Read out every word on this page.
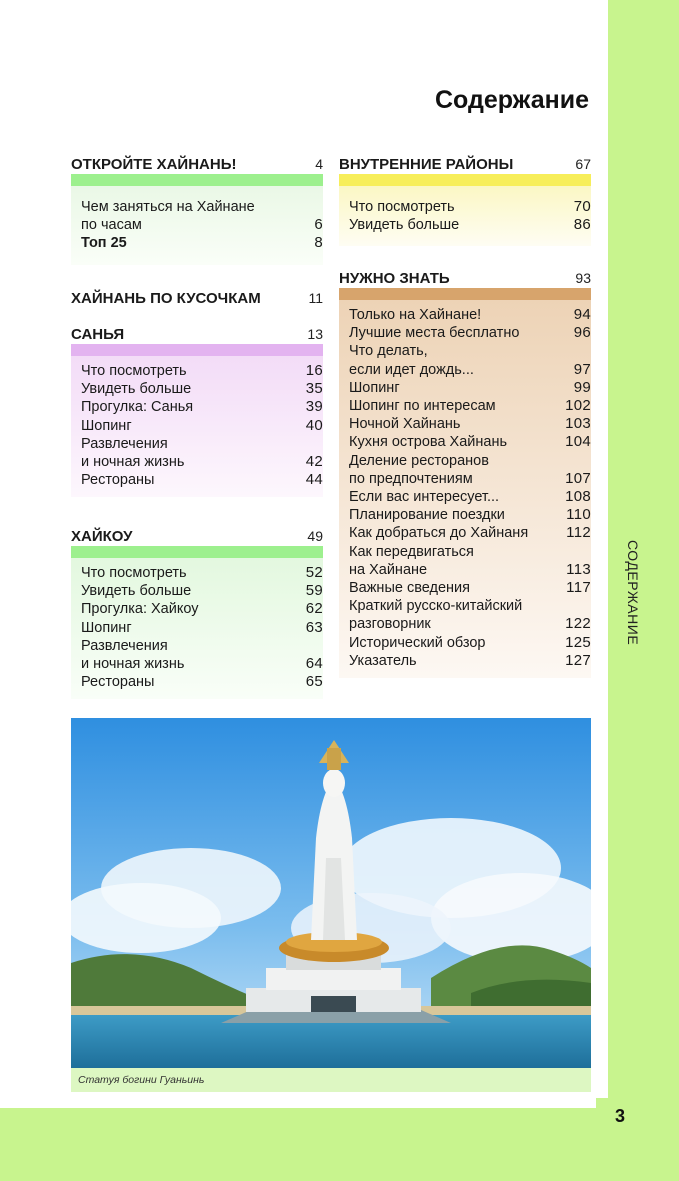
3
СОДЕРЖАНИЕ
Содержание
ОТКРОЙТЕ ХАЙНАНЬ!	4
Чем заняться на Хайнане
по часам	6
Топ 25	8
ХАЙНАНЬ ПО КУСОЧКАМ	11
САНЬЯ	13
Что посмотреть	16
Увидеть больше	35
Прогулка: Санья	39
Шопинг	40
Развлечения
и ночная жизнь	42
Рестораны	44
ХАЙКОУ	49
Что посмотреть	52
Увидеть больше	59
Прогулка: Хайкоу	62
Шопинг	63
Развлечения
и ночная жизнь	64
Рестораны	65
ВНУТРЕННИЕ РАЙОНЫ	67
Что посмотреть	70
Увидеть больше	86
НУЖНО ЗНАТЬ	93
Только на Хайнане!	94
Лучшие места бесплатно	96
Что делать,
если идет дождь...	97
Шопинг	99
Шопинг по интересам	102
Ночной Хайнань	103
Кухня острова Хайнань	104
Деление ресторанов
по предпочтениям	107
Если вас интересует...	108
Планирование поездки	110
Как добраться до Хайнаня	112
Как передвигаться
на Хайнане	113
Важные сведения	117
Краткий русско-китайский
разговорник	122
Исторический обзор	125
Указатель	127
Статуя богини Гуаньинь
